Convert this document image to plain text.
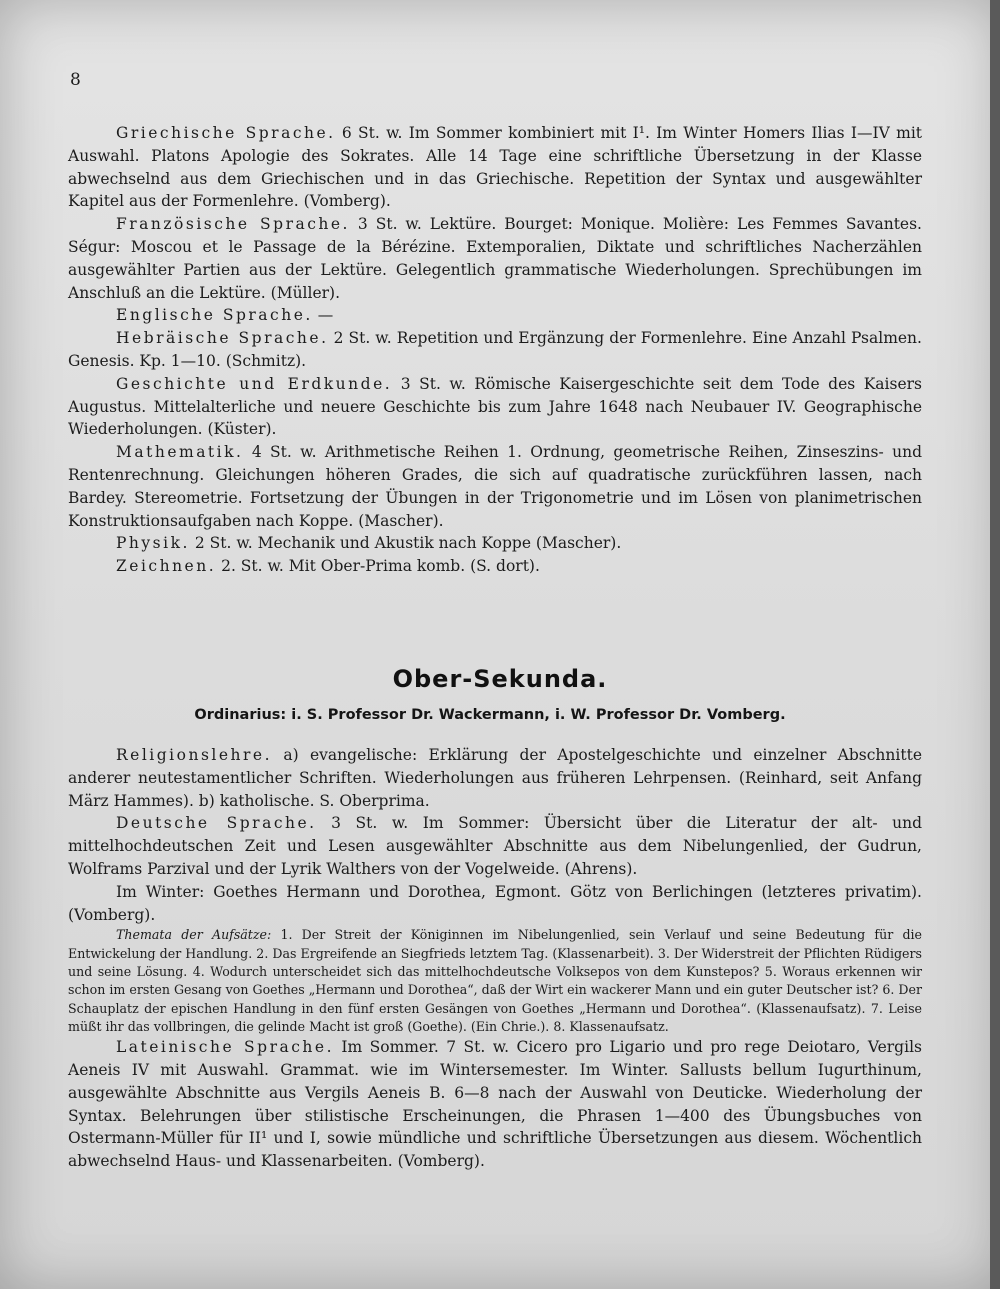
8

Griechische Sprache. 6 St. w. Im Sommer kombiniert mit I¹. Im Winter Homers Ilias I—IV mit Auswahl. Platons Apologie des Sokrates. Alle 14 Tage eine schriftliche Übersetzung in der Klasse abwechselnd aus dem Griechischen und in das Griechische. Repetition der Syntax und ausgewählter Kapitel aus der Formenlehre. (Vomberg).

Französische Sprache. 3 St. w. Lektüre. Bourget: Monique. Molière: Les Femmes Savantes. Ségur: Moscou et le Passage de la Bérézine. Extemporalien, Diktate und schriftliches Nacherzählen ausgewählter Partien aus der Lektüre. Gelegentlich grammatische Wiederholungen. Sprechübungen im Anschluß an die Lektüre. (Müller).

Englische Sprache. —

Hebräische Sprache. 2 St. w. Repetition und Ergänzung der Formenlehre. Eine Anzahl Psalmen. Genesis. Kp. 1—10. (Schmitz).

Geschichte und Erdkunde. 3 St. w. Römische Kaisergeschichte seit dem Tode des Kaisers Augustus. Mittelalterliche und neuere Geschichte bis zum Jahre 1648 nach Neubauer IV. Geographische Wiederholungen. (Küster).

Mathematik. 4 St. w. Arithmetische Reihen 1. Ordnung, geometrische Reihen, Zinseszins- und Rentenrechnung. Gleichungen höheren Grades, die sich auf quadratische zurückführen lassen, nach Bardey. Stereometrie. Fortsetzung der Übungen in der Trigonometrie und im Lösen von planimetrischen Konstruktionsaufgaben nach Koppe. (Mascher).

Physik. 2 St. w. Mechanik und Akustik nach Koppe (Mascher).

Zeichnen. 2. St. w. Mit Ober-Prima komb. (S. dort).

Ober-Sekunda.
Ordinarius: i. S. Professor Dr. Wackermann, i. W. Professor Dr. Vomberg.

Religionslehre. a) evangelische: Erklärung der Apostelgeschichte und einzelner Abschnitte anderer neutestamentlicher Schriften. Wiederholungen aus früheren Lehrpensen. (Reinhard, seit Anfang März Hammes). b) katholische. S. Oberprima.

Deutsche Sprache. 3 St. w. Im Sommer: Übersicht über die Literatur der alt- und mittelhochdeutschen Zeit und Lesen ausgewählter Abschnitte aus dem Nibelungenlied, der Gudrun, Wolframs Parzival und der Lyrik Walthers von der Vogelweide. (Ahrens).

Im Winter: Goethes Hermann und Dorothea, Egmont. Götz von Berlichingen (letzteres privatim). (Vomberg).

Themata der Aufsätze: 1. Der Streit der Königinnen im Nibelungenlied, sein Verlauf und seine Bedeutung für die Entwickelung der Handlung. 2. Das Ergreifende an Siegfrieds letztem Tag. (Klassenarbeit). 3. Der Widerstreit der Pflichten Rüdigers und seine Lösung. 4. Wodurch unterscheidet sich das mittelhochdeutsche Volksepos von dem Kunstepos? 5. Woraus erkennen wir schon im ersten Gesang von Goethes „Hermann und Dorothea“, daß der Wirt ein wackerer Mann und ein guter Deutscher ist? 6. Der Schauplatz der epischen Handlung in den fünf ersten Gesängen von Goethes „Hermann und Dorothea“. (Klassenaufsatz). 7. Leise müßt ihr das vollbringen, die gelinde Macht ist groß (Goethe). (Ein Chrie.). 8. Klassenaufsatz.

Lateinische Sprache. Im Sommer. 7 St. w. Cicero pro Ligario und pro rege Deiotaro, Vergils Aeneis IV mit Auswahl. Grammat. wie im Wintersemester. Im Winter. Sallusts bellum Iugurthinum, ausgewählte Abschnitte aus Vergils Aeneis B. 6—8 nach der Auswahl von Deuticke. Wiederholung der Syntax. Belehrungen über stilistische Erscheinungen, die Phrasen 1—400 des Übungsbuches von Ostermann-Müller für II¹ und I, sowie mündliche und schriftliche Übersetzungen aus diesem. Wöchentlich abwechselnd Haus- und Klassenarbeiten. (Vomberg).
